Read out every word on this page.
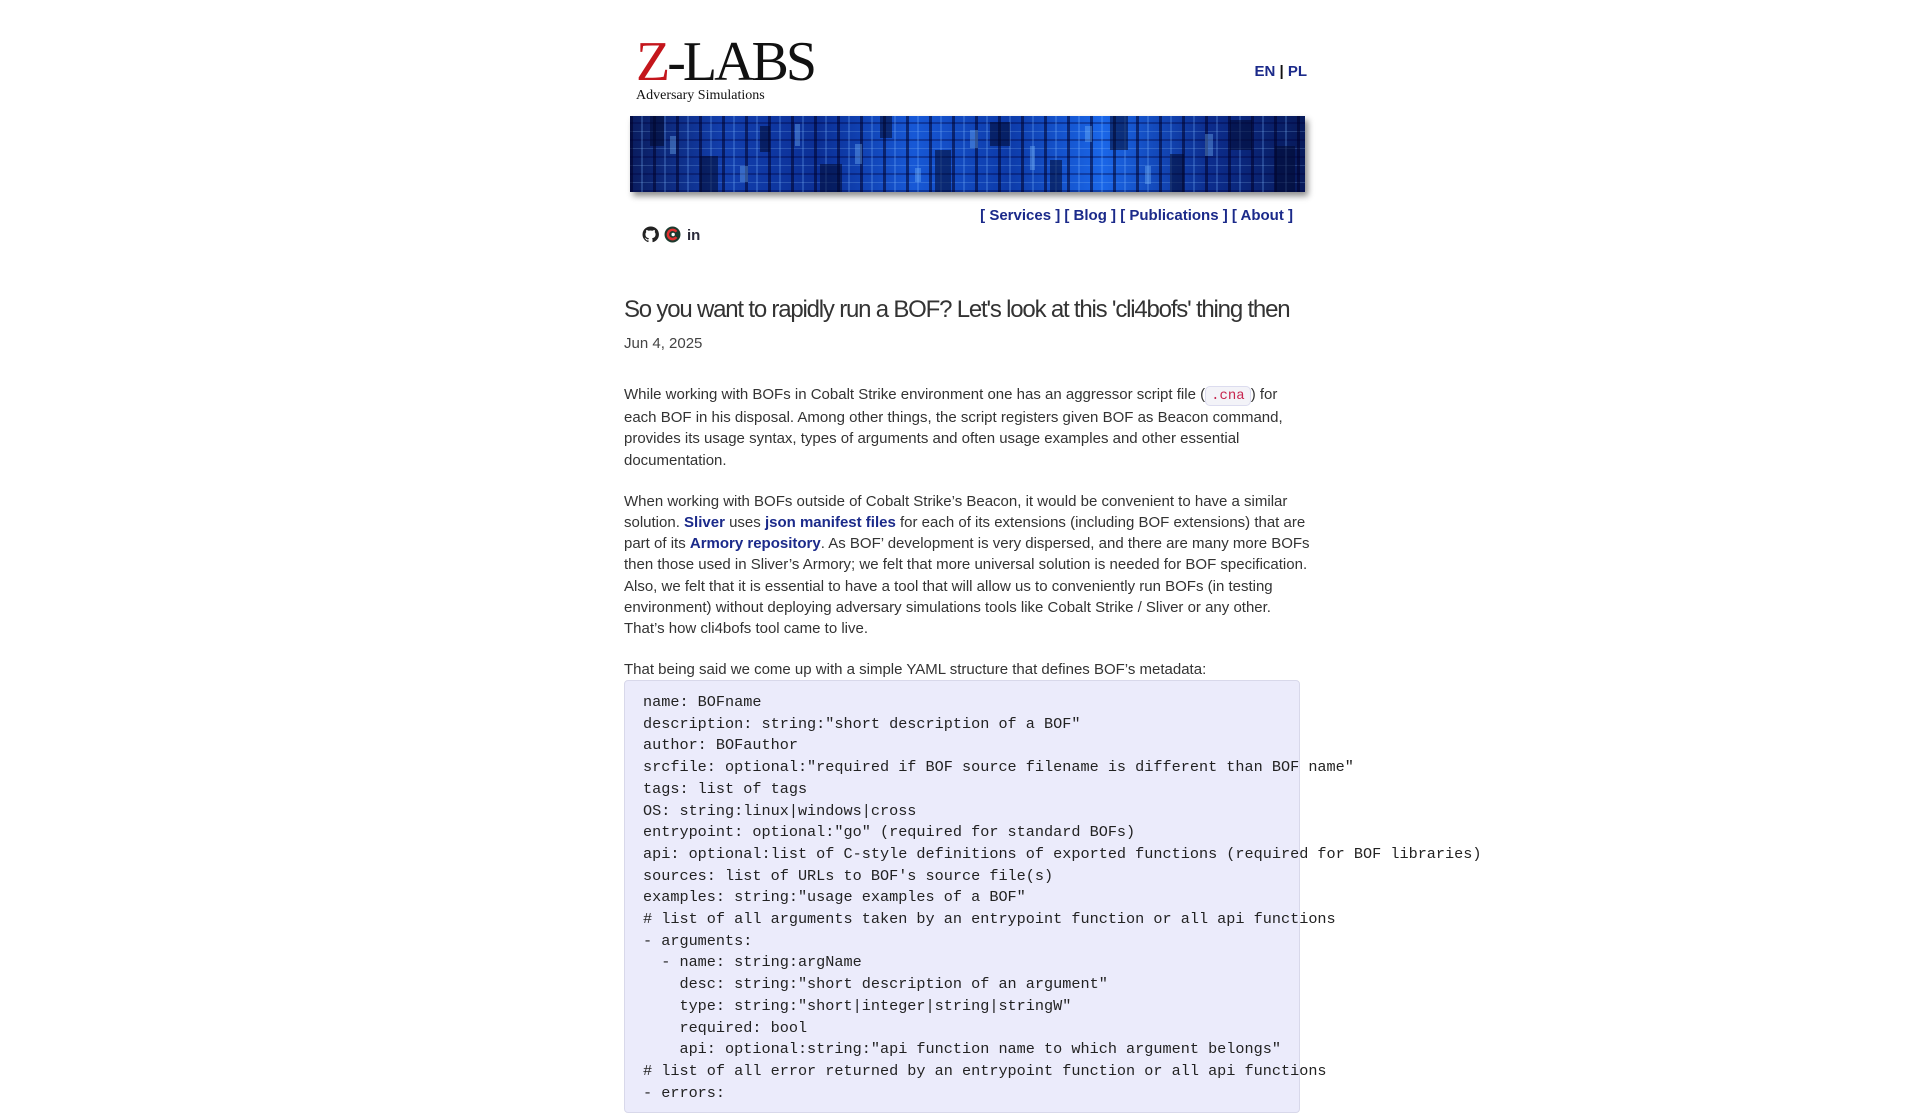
Z-LABS
Adversary Simulations
EN | PL
[ Services ] [ Blog ] [ Publications ] [ About ]
in
So you want to rapidly run a BOF? Let's look at this 'cli4bofs' thing then
Jun 4, 2025

While working with BOFs in Cobalt Strike environment one has an aggressor script file ( .cna ) for each BOF in his disposal. Among other things, the script registers given BOF as Beacon command, provides its usage syntax, types of arguments and often usage examples and other essential documentation.

When working with BOFs outside of Cobalt Strike’s Beacon, it would be convenient to have a similar solution. Sliver uses json manifest files for each of its extensions (including BOF extensions) that are part of its Armory repository. As BOF’ development is very dispersed, and there are many more BOFs then those used in Sliver’s Armory; we felt that more universal solution is needed for BOF specification. Also, we felt that it is essential to have a tool that will allow us to conveniently run BOFs (in testing environment) without deploying adversary simulations tools like Cobalt Strike / Sliver or any other. That’s how cli4bofs tool came to live.

That being said we come up with a simple YAML structure that defines BOF’s metadata:

name: BOFname
description: string:"short description of a BOF"
author: BOFauthor
srcfile: optional:"required if BOF source filename is different than BOF name"
tags: list of tags
OS: string:linux|windows|cross
entrypoint: optional:"go" (required for standard BOFs)
api: optional:list of C-style definitions of exported functions (required for BOF libraries)
sources: list of URLs to BOF's source file(s)
examples: string:"usage examples of a BOF"
# list of all arguments taken by an entrypoint function or all api functions
- arguments:
- name: string:argName
desc: string:"short description of an argument"
type: string:"short|integer|string|stringW"
required: bool
api: optional:string:"api function name to which argument belongs"
# list of all error returned by an entrypoint function or all api functions
- errors:
